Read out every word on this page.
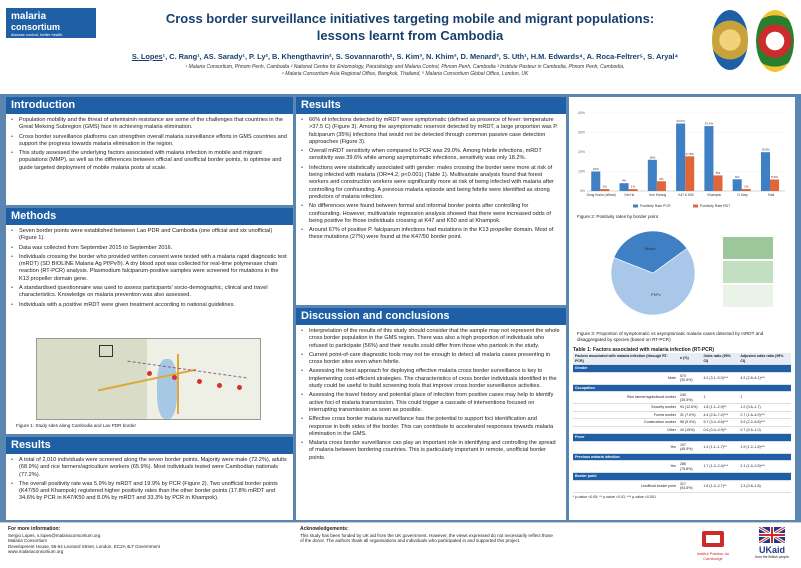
malaria
consortium
disease control, better health
Cross border surveillance initiatives targeting mobile and migrant populations:
lessons learnt from Cambodia
S. Lopes¹, C. Rang¹, AS. Sarady¹, P. Ly², B. Khengthavrin², S. Sovannaroth², S. Kim³, N. Khim³, D. Menard³, S. Uth¹, H.M. Edwards⁴, A. Roca-Feltrer⁵, S. Aryal⁴
¹ Malaria Consortium, Phnom Penh, Cambodia ² National Centre for Entomology, Parasitology and Malaria Control, Phnom Penh, Cambodia ³ Institute Pasteur in Cambodia, Phnom Penh, Cambodia,
⁴ Malaria Consortium Asia Regional Office, Bangkok, Thailand, ⁵ Malaria Consortium Global Office, London, UK
Introduction
• Population mobility and the threat of artemisinin resistance are some of the challenges that countries in the Great Mekong Subregion (GMS) face in achieving malaria elimination.
• Cross border surveillance platforms can strengthen overall malaria surveillance efforts in GMS countries and support the progress towards malaria elimination in the region.
• This study assessed the underlying factors associated with malaria infection in mobile and migrant populations (MMP), as well as the differences between official and unofficial border points, to optimise and guide targeted deployment of mobile malaria posts at scale.
Methods
• Seven border points were established between Lao PDR and Cambodia (one official and six unofficial) (Figure 1).
• Data was collected from September 2015 to September 2016.
• Individuals crossing the border who provided written consent were tested with a malaria rapid diagnostic test (mRDT) (SD BIOLINE Malaria Ag Pf/Pv®). A dry blood spot was collected for real-time polymerase chain reaction (RT-PCR) analysis. Plasmodium falciparum-positive samples were screened for mutations in the K13 propeller domain gene.
• A standardised questionnaire was used to assess participants' socio-demographic, clinical and travel characteristics. Knowledge on malaria prevention was also assessed.
• Individuals with a positive mRDT were given treatment according to national guidelines.
Figure 1: Study sites along Cambodia and Lao PDR border
Results
• A total of 2,010 individuals were screened along the seven border points. Majority were male (72.2%), adults (68.9%) and rice farmers/agriculture workers (65.9%). Most individuals tested were Cambodian nationals (77.2%).
• The overall positivity rate was 5.9% by mRDT and 19.9% by PCR (Figure 2). Two unofficial border points (K47/50 and Khampok) registered higher positivity rates than the other border points (17.8% mRDT and 34.6% by PCR in K47/K50 and 8.0% by mRDT and 33.3% by PCR in Khampok).
Results
• 66% of infections detected by mRDT were symptomatic (defined as presence of fever: temperature >37.5 C) (Figure 3). Among the asymptomatic reservoir detected by mRDT, a large proportion was P. falciparum (35%) infections that would not be detected through common passive case detection approaches (Figure 3).
• Overall mRDT sensitivity when compared to PCR was 29.0%. Among febrile infections, mRDT sensitivity was 39.6% while among asymptomatic infections, sensitivity was only 18.2%.
• Infections were statistically associated with gender: males crossing the border were more at risk of being infected with malaria (OR=4.2, p<0.001) (Table 1). Multivariate analysis found that forest workers and construction workers were significantly more at risk of being infected with malaria after controlling for confounding. A previous malaria episode and being febrile were identified as strong predictors of malaria infection.
• No differences were found between formal and informal border points after controlling for confounding. However, multivariate regression analysis showed that there were increased odds of being positive for those individuals crossing at K47 and K50 and at Khampok.
• Around 67% of positive P. falciparum infections had mutations in the K13 propeller domain. Most of these mutations (27%) were found at the K47/50 border point.
Discussion and conclusions
• Interpretation of the results of this study should consider that the sample may not represent the whole cross border population in the GMS region. There was also a high proportion of individuals who refused to participate (56%) and their results could differ from those who partook in the study.
• Current point-of-care diagnostic tools may not be enough to detect all malaria cases presenting in cross border sites even when febrile.
• Assessing the best approach for deploying effective malaria cross border surveillance is key to implementing cost-efficient strategies. The characteristics of cross border individuals identified in the study could be useful to build screening tools that improve cross border surveillance activities.
• Assessing the travel history and potential place of infection from positive cases may help to identify active foci of malaria transmission. This could trigger a cascade of interventions focused on interrupting transmission as soon as possible.
• Effective cross border malaria surveillance has the potential to support foci identification and response in both sides of the border. This can contribute to accelerated responses towards malaria elimination in the GMS.
• Malaria cross border surveillance can play an important role in identifying and controlling the spread of malaria between bordering countries. This is particularly important in remote, unofficial border points.
0%
10%
20%
30%
40%
10%
1%
Dong Kralor (official)
4%
1%
Dei Ho
16%
5%
Kon Kreang
34.6%
17.8%
K47 & K50
33.3%
8%
Khampok
6%
1%
O Svay
19.9%
5.9%
Total
Positivity Rate PCR	Positivity Rate RDT
Figure 2: Positivity rates by border point
Pf/Pv
Mixed
Figure 3: Proportion of symptomatic vs asymptomatic malaria cases detected by mRDT and disaggregated by species (based on RT-PCR)
Table 1: Factors associated with malaria infection (RT-PCR)
Factors associated with malaria infection (through RT-PCR)	n (%)	Odds ratio (95% CI)	Adjusted odds ratio (95% CI)
Gender			
Male	570 (30.5%)	4.2 (3.1–5.0)***	4.2 (2.8–6.1)***
Occupation			
Rice farmer/agricultural worker	240 (35.5%)	1	1
Security worker	93 (12.6%)	1.8 (1.1–2.9)**	1.2 (0.6–1.7)
Forest worker	31 (7.0%)	4.4 (2.6–7.4)***	2.7 (1.6–4.9)***
Construction worker	58 (5.9%)	5.7 (3.4–9.6)***	3.9 (2.2–6.8)***
Other	44 (15%)	0.6 (0.4–0.9)**	0.7 (0.5–1.0)
Fever			
Yes	107 (45.5%)	1.4 (1.1–1.7)**	1.9 (1.2–1.8)***
Previous malaria infection			
Yes	286 (75.8%)	1.7 (1.2–2.4)***	2.1 (1.4–2.8)***
Border point			
Unofficial border point	317 (93.5%)	1.8 (1.2–2.7)**	1.3 (0.8–1.8)
* p-value <0.05; ** p-value <0.01; *** p-value <0.001
For more information:
Sergio Lopes, s.lopes@malariaconsortium.org
Malaria Consortium
Development House, 56-64 Leonard Street, London, EC2A 4LT Government
www.malariaconsortium.org
Acknowledgements:
This study has been funded by UK aid from the UK government. However, the views expressed do not necessarily reflect those
of the donor. The authors thank all organisations and individuals who participated in and supported this project.
Institut Pasteur du Cambodge
UKaid
from the British people
